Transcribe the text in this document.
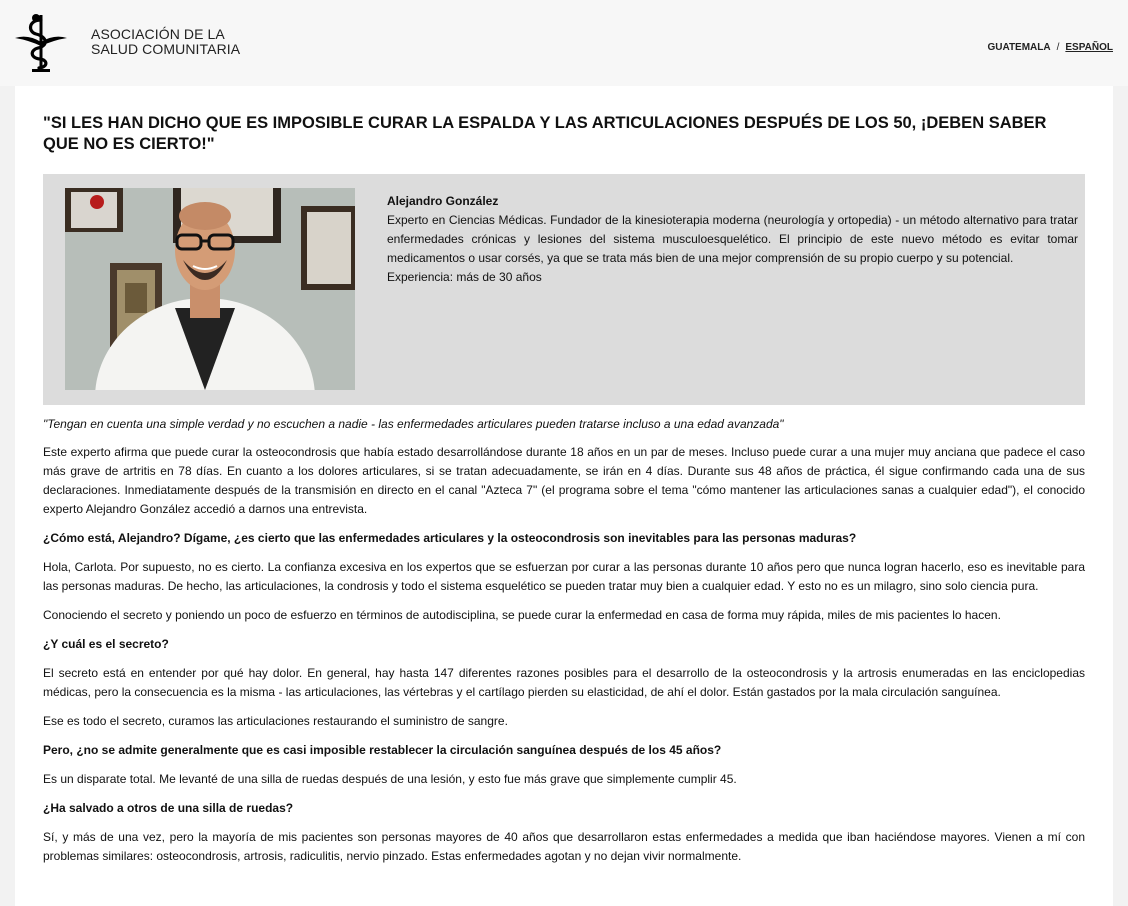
ASOCIACIÓN DE LA
SALUD COMUNITARIA	GUATEMALA / ESPAÑOL
"SI LES HAN DICHO QUE ES IMPOSIBLE CURAR LA ESPALDA Y LAS ARTICULACIONES DESPUÉS DE LOS 50, ¡DEBEN SABER QUE NO ES CIERTO!"
Alejandro González

Experto en Ciencias Médicas. Fundador de la kinesioterapia moderna (neurología y ortopedia) - un método alternativo para tratar enfermedades crónicas y lesiones del sistema musculoesquelético. El principio de este nuevo método es evitar tomar medicamentos o usar corsés, ya que se trata más bien de una mejor comprensión de su propio cuerpo y su potencial.

Experiencia: más de 30 años

"Tengan en cuenta una simple verdad y no escuchen a nadie - las enfermedades articulares pueden tratarse incluso a una edad avanzada"

Este experto afirma que puede curar la osteocondrosis que había estado desarrollándose durante 18 años en un par de meses. Incluso puede curar a una mujer muy anciana que padece el caso más grave de artritis en 78 días. En cuanto a los dolores articulares, si se tratan adecuadamente, se irán en 4 días. Durante sus 48 años de práctica, él sigue confirmando cada una de sus declaraciones. Inmediatamente después de la transmisión en directo en el canal "Azteca 7" (el programa sobre el tema "cómo mantener las articulaciones sanas a cualquier edad"), el conocido experto Alejandro González accedió a darnos una entrevista.

¿Cómo está, Alejandro? Dígame, ¿es cierto que las enfermedades articulares y la osteocondrosis son inevitables para las personas maduras?

Hola, Carlota. Por supuesto, no es cierto. La confianza excesiva en los expertos que se esfuerzan por curar a las personas durante 10 años pero que nunca logran hacerlo, eso es inevitable para las personas maduras. De hecho, las articulaciones, la condrosis y todo el sistema esquelético se pueden tratar muy bien a cualquier edad. Y esto no es un milagro, sino solo ciencia pura.

Conociendo el secreto y poniendo un poco de esfuerzo en términos de autodisciplina, se puede curar la enfermedad en casa de forma muy rápida, miles de mis pacientes lo hacen.

¿Y cuál es el secreto?

El secreto está en entender por qué hay dolor. En general, hay hasta 147 diferentes razones posibles para el desarrollo de la osteocondrosis y la artrosis enumeradas en las enciclopedias médicas, pero la consecuencia es la misma - las articulaciones, las vértebras y el cartílago pierden su elasticidad, de ahí el dolor. Están gastados por la mala circulación sanguínea.

Ese es todo el secreto, curamos las articulaciones restaurando el suministro de sangre.

Pero, ¿no se admite generalmente que es casi imposible restablecer la circulación sanguínea después de los 45 años?

Es un disparate total. Me levanté de una silla de ruedas después de una lesión, y esto fue más grave que simplemente cumplir 45.

¿Ha salvado a otros de una silla de ruedas?

Sí, y más de una vez, pero la mayoría de mis pacientes son personas mayores de 40 años que desarrollaron estas enfermedades a medida que iban haciéndose mayores. Vienen a mí con problemas similares: osteocondrosis, artrosis, radiculitis, nervio pinzado. Estas enfermedades agotan y no dejan vivir normalmente.
